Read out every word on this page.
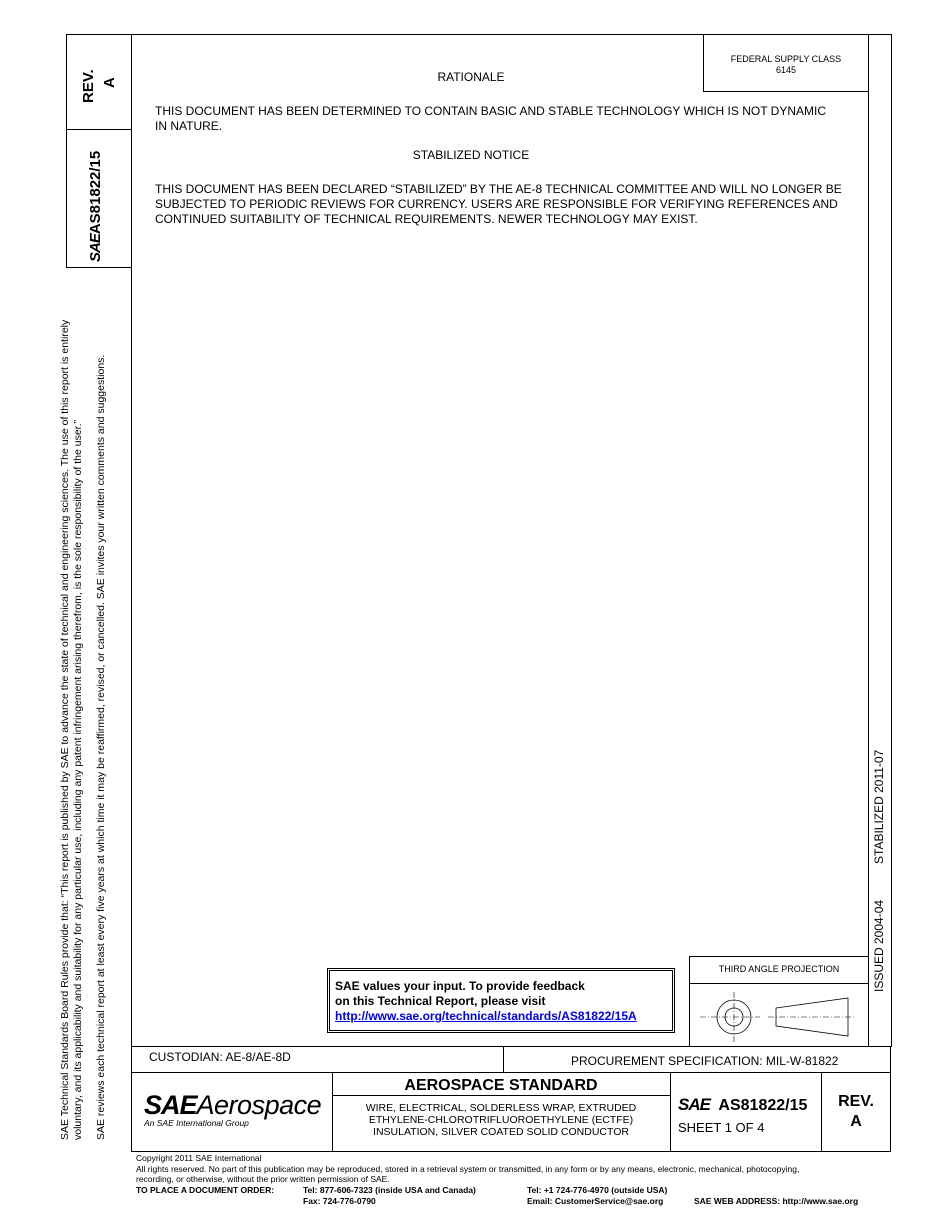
SAE Technical Standards Board Rules provide that: “This report is published by SAE to advance the state of technical and engineering sciences. The use of this report is entirely voluntary, and its applicability and suitability for any particular use, including any patent infringement arising therefrom, is the sole responsibility of the user.” SAE reviews each technical report at least every five years at which time it may be reaffirmed, revised, or cancelled. SAE invites your written comments and suggestions.
REV. A
SAEAS81822/15
FEDERAL SUPPLY CLASS
6145
RATIONALE
THIS DOCUMENT HAS BEEN DETERMINED TO CONTAIN BASIC AND STABLE TECHNOLOGY WHICH IS NOT DYNAMIC IN NATURE.
STABILIZED NOTICE
THIS DOCUMENT HAS BEEN DECLARED “STABILIZED” BY THE AE-8 TECHNICAL COMMITTEE AND WILL NO LONGER BE SUBJECTED TO PERIODIC REVIEWS FOR CURRENCY. USERS ARE RESPONSIBLE FOR VERIFYING REFERENCES AND CONTINUED SUITABILITY OF TECHNICAL REQUIREMENTS. NEWER TECHNOLOGY MAY EXIST.
STABILIZED 2011-07
ISSUED 2004-04
SAE values your input. To provide feedback
on this Technical Report, please visit
http://www.sae.org/technical/standards/AS81822/15A
THIRD ANGLE PROJECTION
CUSTODIAN: AE-8/AE-8D	PROCUREMENT SPECIFICATION: MIL-W-81822
SAEAerospace
An SAE International Group
AEROSPACE STANDARD
WIRE, ELECTRICAL, SOLDERLESS WRAP, EXTRUDED
ETHYLENE-CHLOROTRIFLUOROETHYLENE (ECTFE)
INSULATION, SILVER COATED SOLID CONDUCTOR
SAE AS81822/15
SHEET 1 OF 4
REV.
A
Copyright 2011 SAE International
All rights reserved. No part of this publication may be reproduced, stored in a retrieval system or transmitted, in any form or by any means, electronic, mechanical, photocopying,
recording, or otherwise, without the prior written permission of SAE.
TO PLACE A DOCUMENT ORDER:	Tel: 877-606-7323 (inside USA and Canada)
Fax: 724-776-0790
Tel: +1 724-776-4970 (outside USA)
Email: CustomerService@sae.org	SAE WEB ADDRESS: http://www.sae.org
